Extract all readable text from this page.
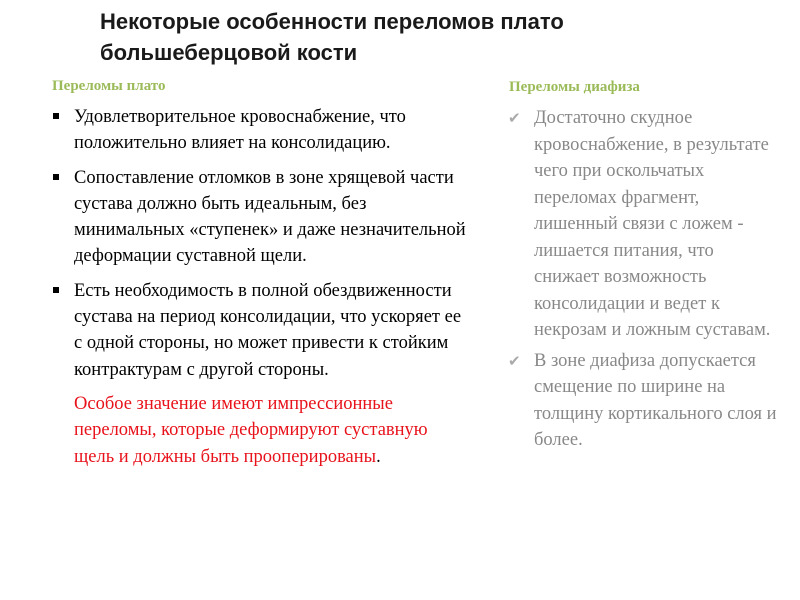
Некоторые особенности переломов плато большеберцовой кости
Переломы плато	Переломы диафиза
Удовлетворительное кровоснабжение, что положительно влияет на консолидацию.
Сопоставление отломков в зоне хрящевой части сустава должно быть идеальным, без минимальных «ступенек» и даже незначительной деформации суставной щели.
Есть необходимость в полной обездвиженности сустава на период консолидации, что ускоряет ее с одной стороны, но может привести к стойким контрактурам с другой стороны.
Особое значение имеют импрессионные переломы, которые деформируют суставную щель и должны быть прооперированы.
✔ Достаточно скудное кровоснабжение, в результате чего при оскольчатых переломах фрагмент, лишенный связи с ложем - лишается питания, что снижает возможность консолидации и ведет к некрозам и ложным суставам.
✔ В зоне диафиза допускается смещение по ширине на толщину кортикального слоя и более.
